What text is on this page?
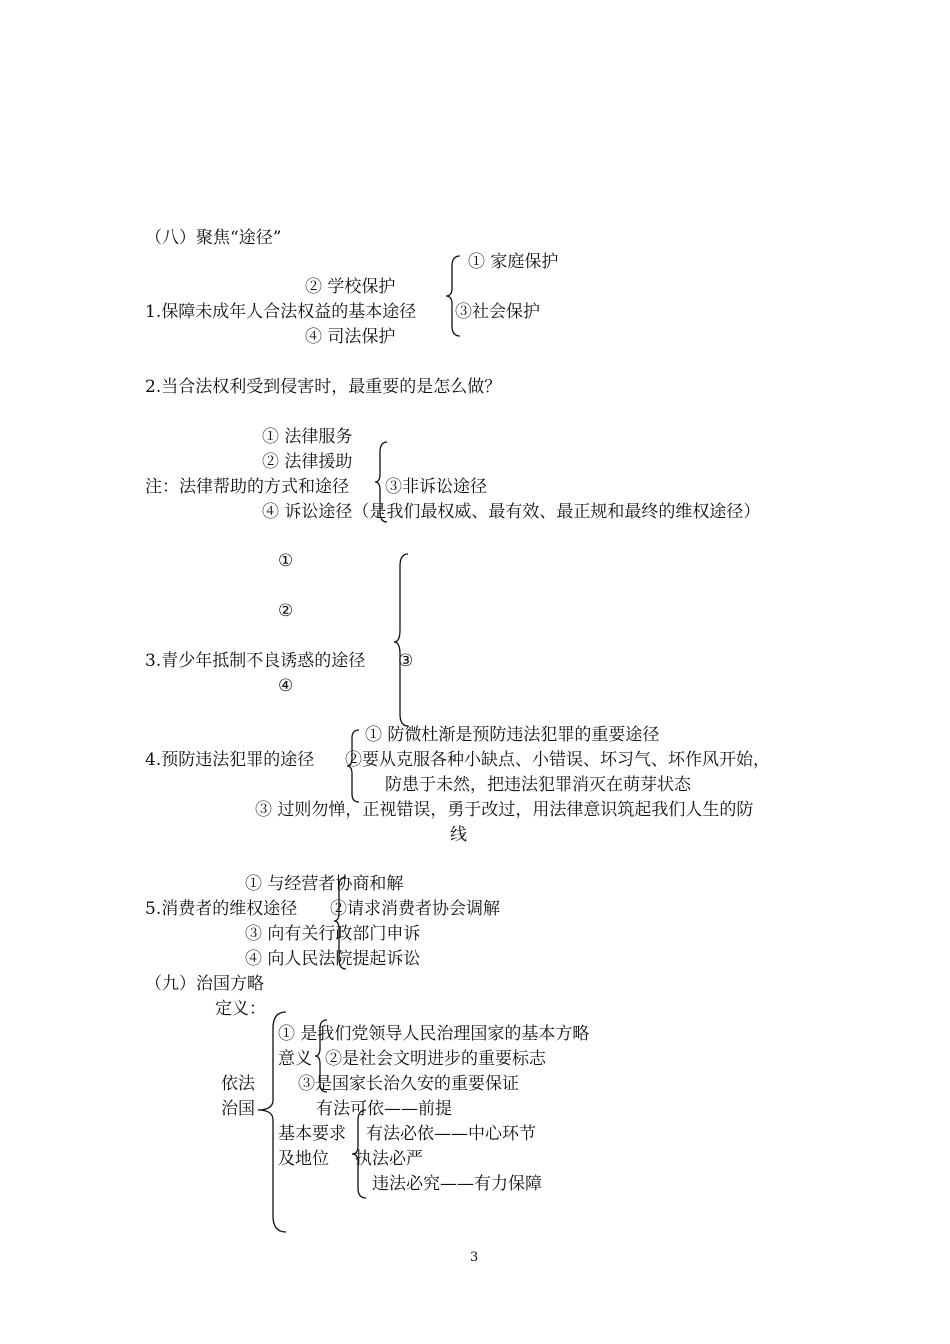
（八）聚焦“途径”
① 家庭保护
② 学校保护
1.保障未成年人合法权益的基本途径 ③社会保护
④ 司法保护
2.当合法权利受到侵害时，最重要的是怎么做？
① 法律服务
② 法律援助
注：法律帮助的方式和途径 ③非诉讼途径
④ 诉讼途径（是我们最权威、最有效、最正规和最终的维权途径）
①
②
3.青少年抵制不良诱惑的途径 ③
④
① 防微杜渐是预防违法犯罪的重要途径
4.预防违法犯罪的途径 ②要从克服各种小缺点、小错误、坏习气、坏作风开始，
防患于未然，把违法犯罪消灭在萌芽状态
③ 过则勿惮，正视错误，勇于改过，用法律意识筑起我们人生的防
线
① 与经营者协商和解
5.消费者的维权途径 ②请求消费者协会调解
③ 向有关行政部门申诉
④ 向人民法院提起诉讼
（九）治国方略
定义：
① 是我们党领导人民治理国家的基本方略
意义 ②是社会文明进步的重要标志
依法	③是国家长治久安的重要保证
治国	有法可依——前提
基本要求 有法必依——中心环节
及地位 执法必严
违法必究——有力保障
3
